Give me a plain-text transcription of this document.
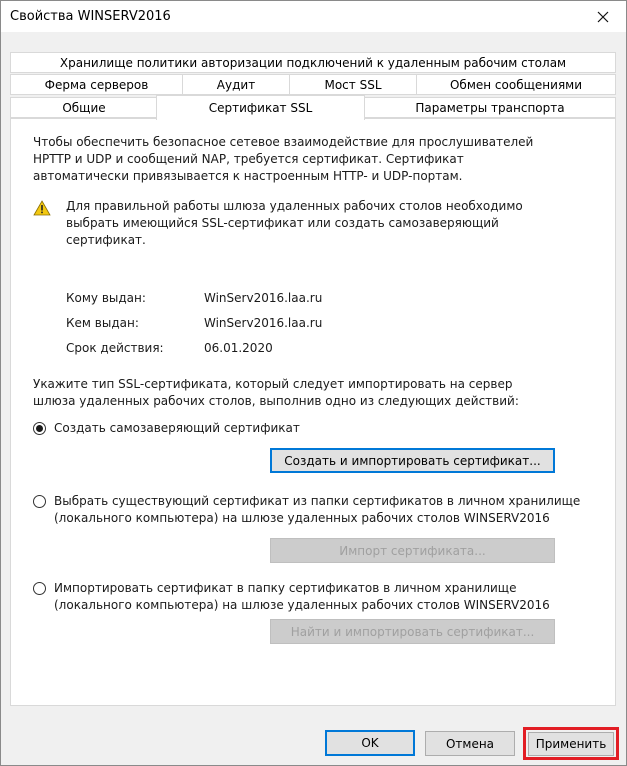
Свойства WINSERV2016
Хранилище политики авторизации подключений к удаленным рабочим столам
Ферма серверов	Аудит	Мост SSL	Обмен сообщениями
Общие	Сертификат SSL	Параметры транспорта
Чтобы обеспечить безопасное сетевое взаимодействие для прослушивателей
HPTTP и UDP и сообщений NAP, требуется сертификат. Сертификат
автоматически привязывается к настроенным HTTP- и UDP-портам.
Для правильной работы шлюза удаленных рабочих столов необходимо
выбрать имеющийся SSL-сертификат или создать самозаверяющий
сертификат.
Кому выдан:	WinServ2016.laa.ru
Кем выдан:	WinServ2016.laa.ru
Срок действия:	06.01.2020
Укажите тип SSL-сертификата, который следует импортировать на сервер
шлюза удаленных рабочих столов, выполнив одно из следующих действий:
Создать самозаверяющий сертификат
Создать и импортировать сертификат...
Выбрать существующий сертификат из папки сертификатов в личном хранилище
(локального компьютера) на шлюзе удаленных рабочих столов WINSERV2016
Импорт сертификата...
Импортировать сертификат в папку сертификатов в личном хранилище
(локального компьютера) на шлюзе удаленных рабочих столов WINSERV2016
Найти и импортировать сертификат...
OK	Отмена	Применить
